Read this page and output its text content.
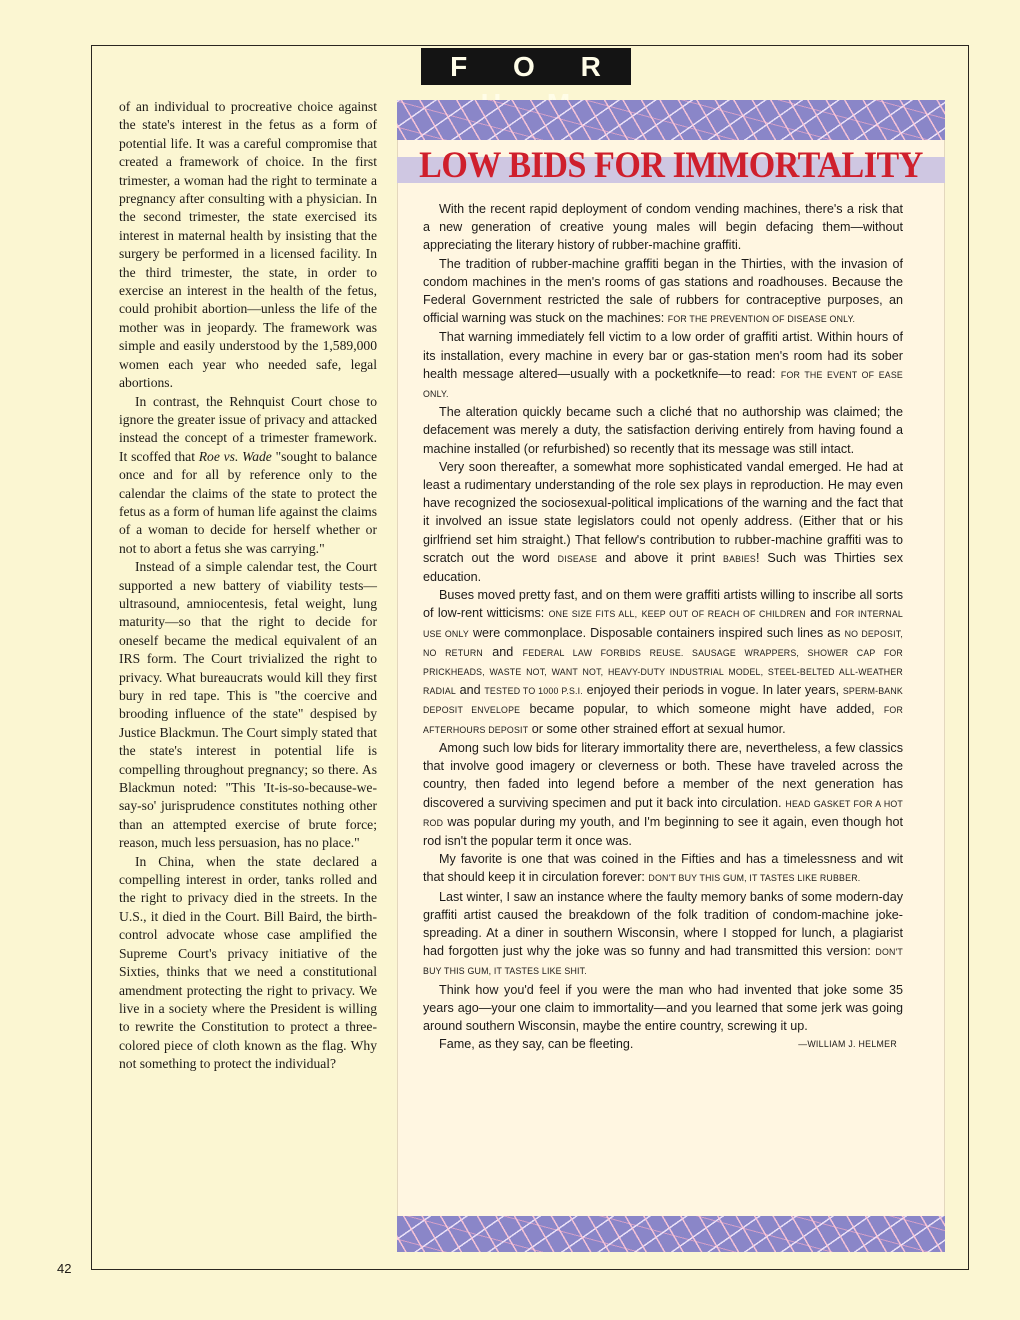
F O R

of an individual to procreative choice against the state's interest in the fetus as a form of potential life. It was a careful compromise that created a framework of choice. In the first trimester, a woman had the right to terminate a pregnancy after consulting with a physician. In the second trimester, the state exercised its interest in maternal health by insisting that the surgery be performed in a licensed facility. In the third trimester, the state, in order to exercise an interest in the health of the fetus, could prohibit abortion—unless the life of the mother was in jeopardy. The framework was simple and easily understood by the 1,589,000 women each year who needed safe, legal abortions.

In contrast, the Rehnquist Court chose to ignore the greater issue of privacy and attacked instead the concept of a trimester framework. It scoffed that Roe vs. Wade "sought to balance once and for all by reference only to the calendar the claims of the state to protect the fetus as a form of human life against the claims of a woman to decide for herself whether or not to abort a fetus she was carrying."

Instead of a simple calendar test, the Court supported a new battery of viability tests—ultrasound, amniocentesis, fetal weight, lung maturity—so that the right to decide for oneself became the medical equivalent of an IRS form. The Court trivialized the right to privacy. What bureaucrats would kill they first bury in red tape. This is "the coercive and brooding influence of the state" despised by Justice Blackmun. The Court simply stated that the state's interest in potential life is compelling throughout pregnancy; so there. As Blackmun noted: "This 'It-is-so-because-we-say-so' jurisprudence constitutes nothing other than an attempted exercise of brute force; reason, much less persuasion, has no place."

In China, when the state declared a compelling interest in order, tanks rolled and the right to privacy died in the streets. In the U.S., it died in the Court. Bill Baird, the birth-control advocate whose case amplified the Supreme Court's privacy initiative of the Sixties, thinks that we need a constitutional amendment protecting the right to privacy. We live in a society where the President is willing to rewrite the Constitution to protect a three-colored piece of cloth known as the flag. Why not something to protect the individual?

42
LOW BIDS FOR IMMORTALITY

With the recent rapid deployment of condom vending machines, there's a risk that a new generation of creative young males will begin defacing them—without appreciating the literary history of rubber-machine graffiti.

The tradition of rubber-machine graffiti began in the Thirties, with the invasion of condom machines in the men's rooms of gas stations and roadhouses. Because the Federal Government restricted the sale of rubbers for contraceptive purposes, an official warning was stuck on the machines: FOR THE PREVENTION OF DISEASE ONLY.

That warning immediately fell victim to a low order of graffiti artist. Within hours of its installation, every machine in every bar or gas-station men's room had its sober health message altered—usually with a pocketknife—to read: FOR THE EVENT OF EASE ONLY.

The alteration quickly became such a cliché that no authorship was claimed; the defacement was merely a duty, the satisfaction deriving entirely from having found a machine installed (or refurbished) so recently that its message was still intact.

Very soon thereafter, a somewhat more sophisticated vandal emerged. He had at least a rudimentary understanding of the role sex plays in reproduction. He may even have recognized the sociosexual-political implications of the warning and the fact that it involved an issue state legislators could not openly address. (Either that or his girlfriend set him straight.) That fellow's contribution to rubber-machine graffiti was to scratch out the word DISEASE and above it print BABIES! Such was Thirties sex education.

Buses moved pretty fast, and on them were graffiti artists willing to inscribe all sorts of low-rent witticisms: ONE SIZE FITS ALL, KEEP OUT OF REACH OF CHILDREN and FOR INTERNAL USE ONLY were commonplace. Disposable containers inspired such lines as NO DEPOSIT, NO RETURN and FEDERAL LAW FORBIDS REUSE. SAUSAGE WRAPPERS, SHOWER CAP FOR PRICKHEADS, WASTE NOT, WANT NOT, HEAVY-DUTY INDUSTRIAL MODEL, STEEL-BELTED ALL-WEATHER RADIAL and TESTED TO 1000 P.S.I. enjoyed their periods in vogue. In later years, SPERM-BANK DEPOSIT ENVELOPE became popular, to which someone might have added, FOR AFTERHOURS DEPOSIT or some other strained effort at sexual humor.

Among such low bids for literary immortality there are, nevertheless, a few classics that involve good imagery or cleverness or both. These have traveled across the country, then faded into legend before a member of the next generation has discovered a surviving specimen and put it back into circulation. HEAD GASKET FOR A HOT ROD was popular during my youth, and I'm beginning to see it again, even though hot rod isn't the popular term it once was.

My favorite is one that was coined in the Fifties and has a timelessness and wit that should keep it in circulation forever: DON'T BUY THIS GUM, IT TASTES LIKE RUBBER.

Last winter, I saw an instance where the faulty memory banks of some modern-day graffiti artist caused the breakdown of the folk tradition of condom-machine joke-spreading. At a diner in southern Wisconsin, where I stopped for lunch, a plagiarist had forgotten just why the joke was so funny and had transmitted this version: DON'T BUY THIS GUM, IT TASTES LIKE SHIT.

Think how you'd feel if you were the man who had invented that joke some 35 years ago—your one claim to immortality—and you learned that some jerk was going around southern Wisconsin, maybe the entire country, screwing it up.

Fame, as they say, can be fleeting.	—WILLIAM J. HELMER
